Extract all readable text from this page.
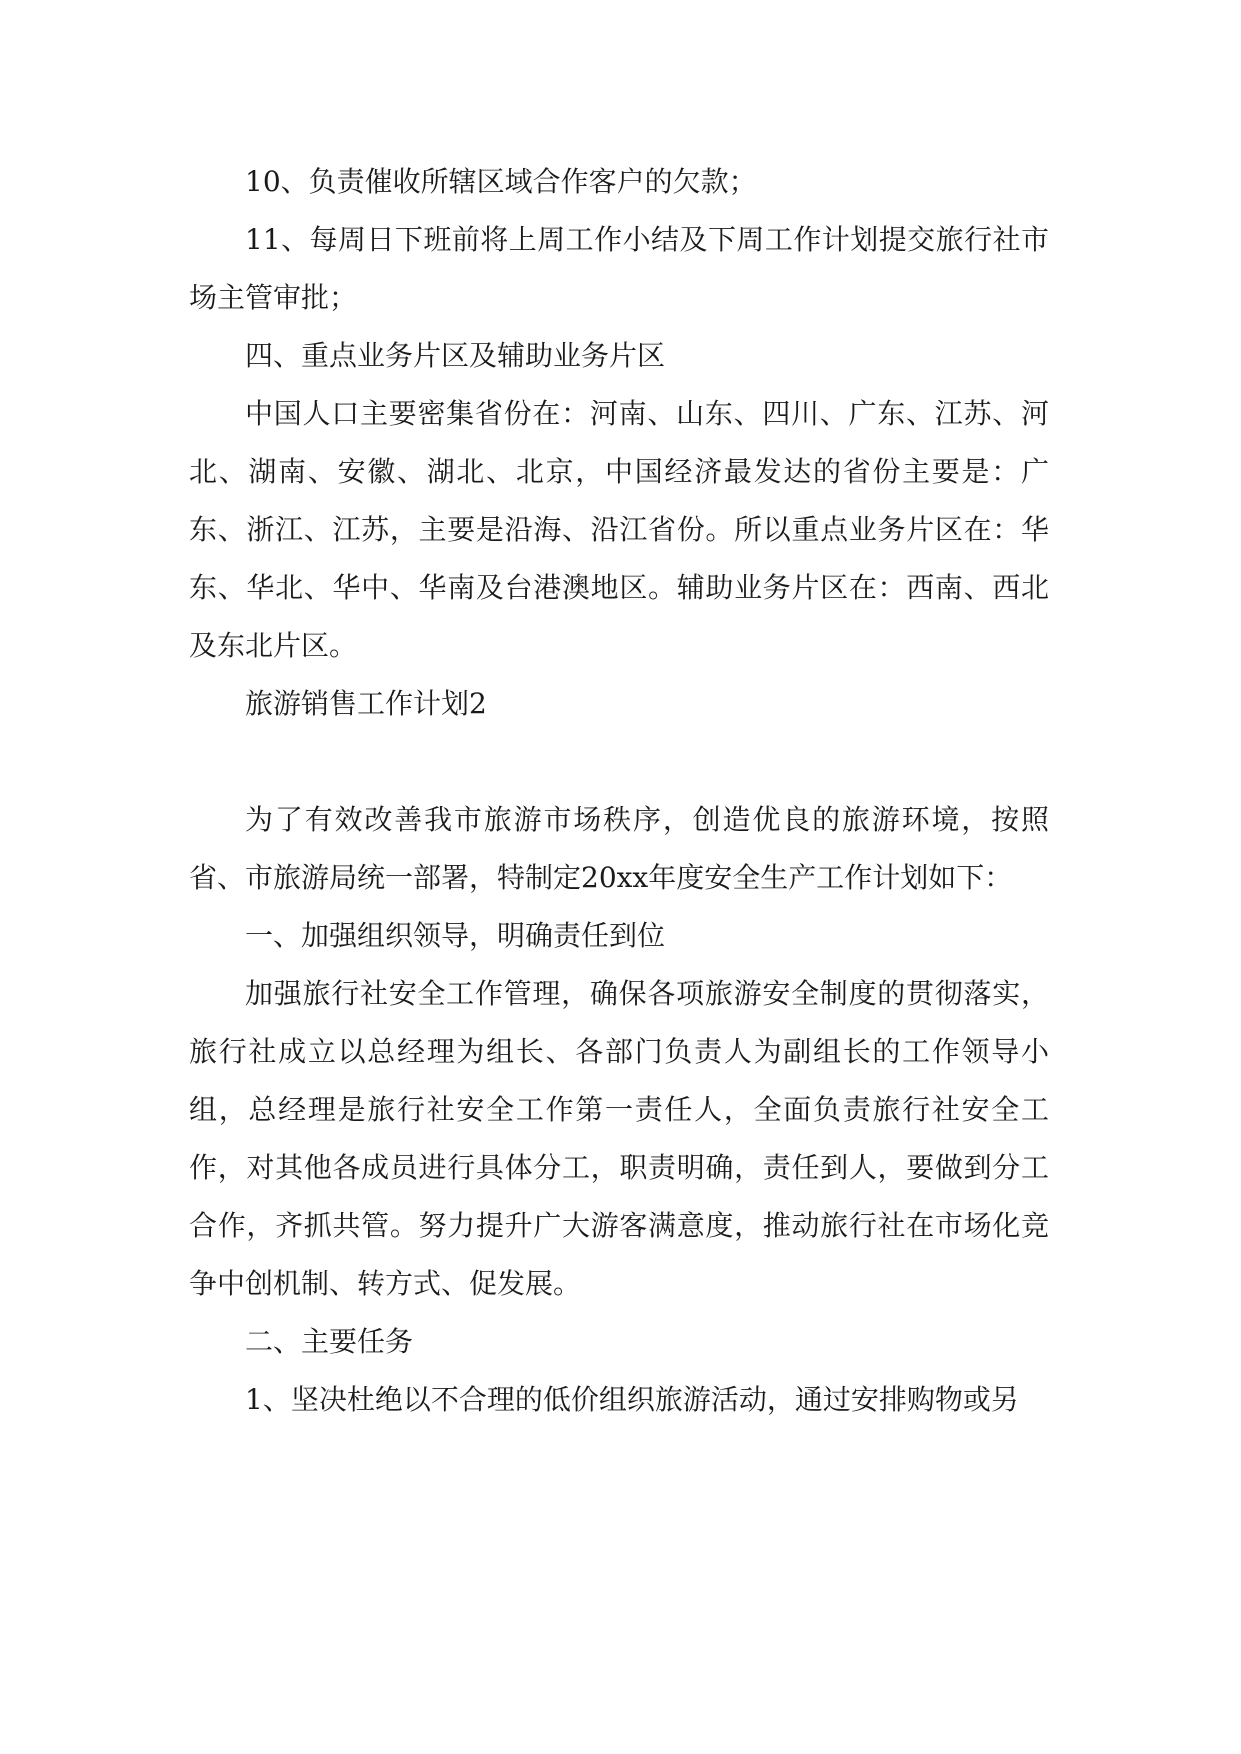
10、负责催收所辖区域合作客户的欠款；

11、每周日下班前将上周工作小结及下周工作计划提交旅行社市场主管审批；

四、重点业务片区及辅助业务片区

中国人口主要密集省份在：河南、山东、四川、广东、江苏、河北、湖南、安徽、湖北、北京，中国经济最发达的省份主要是：广东、浙江、江苏，主要是沿海、沿江省份。所以重点业务片区在：华东、华北、华中、华南及台港澳地区。辅助业务片区在：西南、西北及东北片区。

旅游销售工作计划2

为了有效改善我市旅游市场秩序，创造优良的旅游环境，按照省、市旅游局统一部署，特制定20xx年度安全生产工作计划如下：

一、加强组织领导，明确责任到位

加强旅行社安全工作管理，确保各项旅游安全制度的贯彻落实，旅行社成立以总经理为组长、各部门负责人为副组长的工作领导小组，总经理是旅行社安全工作第一责任人，全面负责旅行社安全工作，对其他各成员进行具体分工，职责明确，责任到人，要做到分工合作，齐抓共管。努力提升广大游客满意度，推动旅行社在市场化竞争中创机制、转方式、促发展。

二、主要任务

1、坚决杜绝以不合理的低价组织旅游活动，通过安排购物或另
